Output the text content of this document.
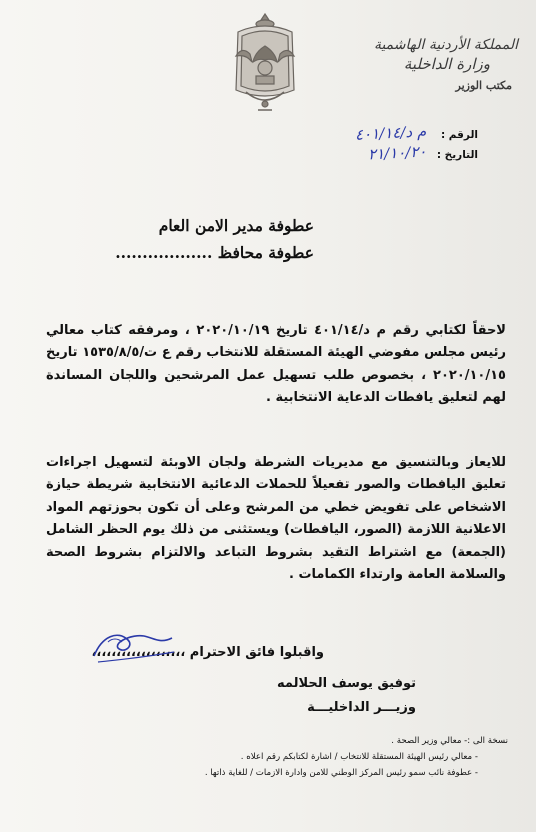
المملكة الأردنية الهاشمية
وزارة الداخلية
مكتب الوزير
الرقم :
م د/٤٠١/١٤
التاريخ :
٢١/١٠/٢٠
عطوفة مدير الامن العام
عطوفة محافظ ..................
لاحقاً لكتابي رقم م د/٤٠١/١٤ تاريخ ٢٠٢٠/١٠/١٩ ، ومرفقه كتاب معالي رئيس مجلس مفوضي الهيئة المستقلة للانتخاب رقم ع ت/١٥٣٥/٨/٥ تاريخ ٢٠٢٠/١٠/١٥ ، بخصوص طلب تسهيل عمل المرشحين واللجان المساندة لهم لتعليق يافطات الدعاية الانتخابية .
للايعاز وبالتنسيق مع مديريات الشرطة ولجان الاوبئة لتسهيل اجراءات تعليق اليافطات والصور تفعيلاً للحملات الدعائية الانتخابية شريطة حيازة الاشخاص على تفويض خطي من المرشح وعلى أن تكون بحوزتهم المواد الاعلانية اللازمة (الصور، اليافطات) ويستثنى من ذلك يوم الحظر الشامل (الجمعة) مع اشتراط التقيد بشروط التباعد والالتزام بشروط الصحة والسلامة العامة وارتداء الكمامات .
واقبلوا فائق الاحترام ،،،،،،،،،،،،،،،،،،،
توفيق يوسف الحلالمه
وزيـــر الداخليـــة
نسخة الى :- معالي وزير الصحة .
- معالي رئيس الهيئة المستقلة للانتخاب / اشارة لكتابكم رقم اعلاه .
- عطوفة نائب سمو رئيس المركز الوطني للامن وادارة الازمات / للغاية ذاتها .
